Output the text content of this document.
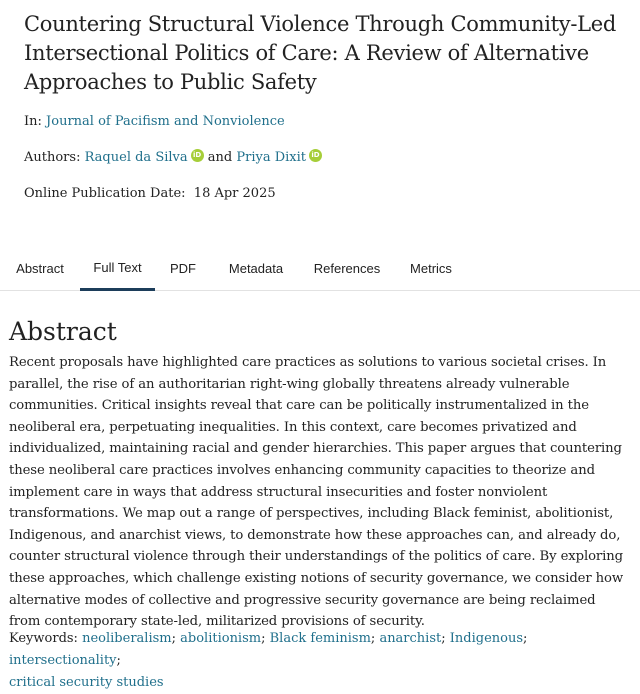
Countering Structural Violence Through Community-Led Intersectional Politics of Care: A Review of Alternative Approaches to Public Safety
In: Journal of Pacifism and Nonviolence
Authors: Raquel da Silva iD and Priya Dixit iD
Online Publication Date: 18 Apr 2025
Abstract	Full Text	PDF	Metadata	References	Metrics
Abstract

Recent proposals have highlighted care practices as solutions to various societal crises. In parallel, the rise of an authoritarian right-wing globally threatens already vulnerable communities. Critical insights reveal that care can be politically instrumentalized in the neoliberal era, perpetuating inequalities. In this context, care becomes privatized and individualized, maintaining racial and gender hierarchies. This paper argues that countering these neoliberal care practices involves enhancing community capacities to theorize and implement care in ways that address structural insecurities and foster nonviolent transformations. We map out a range of perspectives, including Black feminist, abolitionist, Indigenous, and anarchist views, to demonstrate how these approaches can, and already do, counter structural violence through their understandings of the politics of care. By exploring these approaches, which challenge existing notions of security governance, we consider how alternative modes of collective and progressive security governance are being reclaimed from contemporary state-led, militarized provisions of security.

Keywords: neoliberalism; abolitionism; Black feminism; anarchist; Indigenous; intersectionality;
critical security studies
